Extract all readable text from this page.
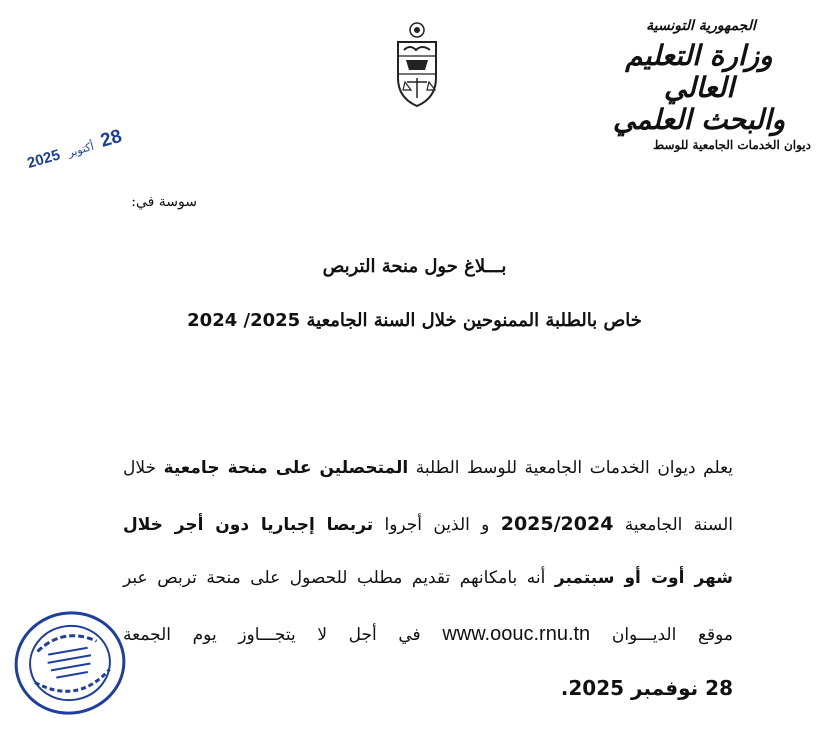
الجمهورية التونسية
وزارة التعليم العالي
والبحث العلمي
ديوان الخدمات الجامعية للوسط
2025 أكتوبر 28
سوسة في:
بـــلاغ حول منحة التربص
خاص بالطلبة الممنوحين خلال السنة الجامعية 2025/ 2024
يعلم ديوان الخدمات الجامعية للوسط الطلبة المتحصلين على منحة جامعية خلال
السنة الجامعية 2025/2024 و الذين أجروا تربصا إجباريا دون أجر خلال
شهر أوت أو سبتمبر أنه بامكانهم تقديم مطلب للحصول على منحة تربص عبر
موقع الديـــوان www.oouc.rnu.tn في أجل لا يتجـــاوز يوم الجمعة
28 نوفمبر 2025.
